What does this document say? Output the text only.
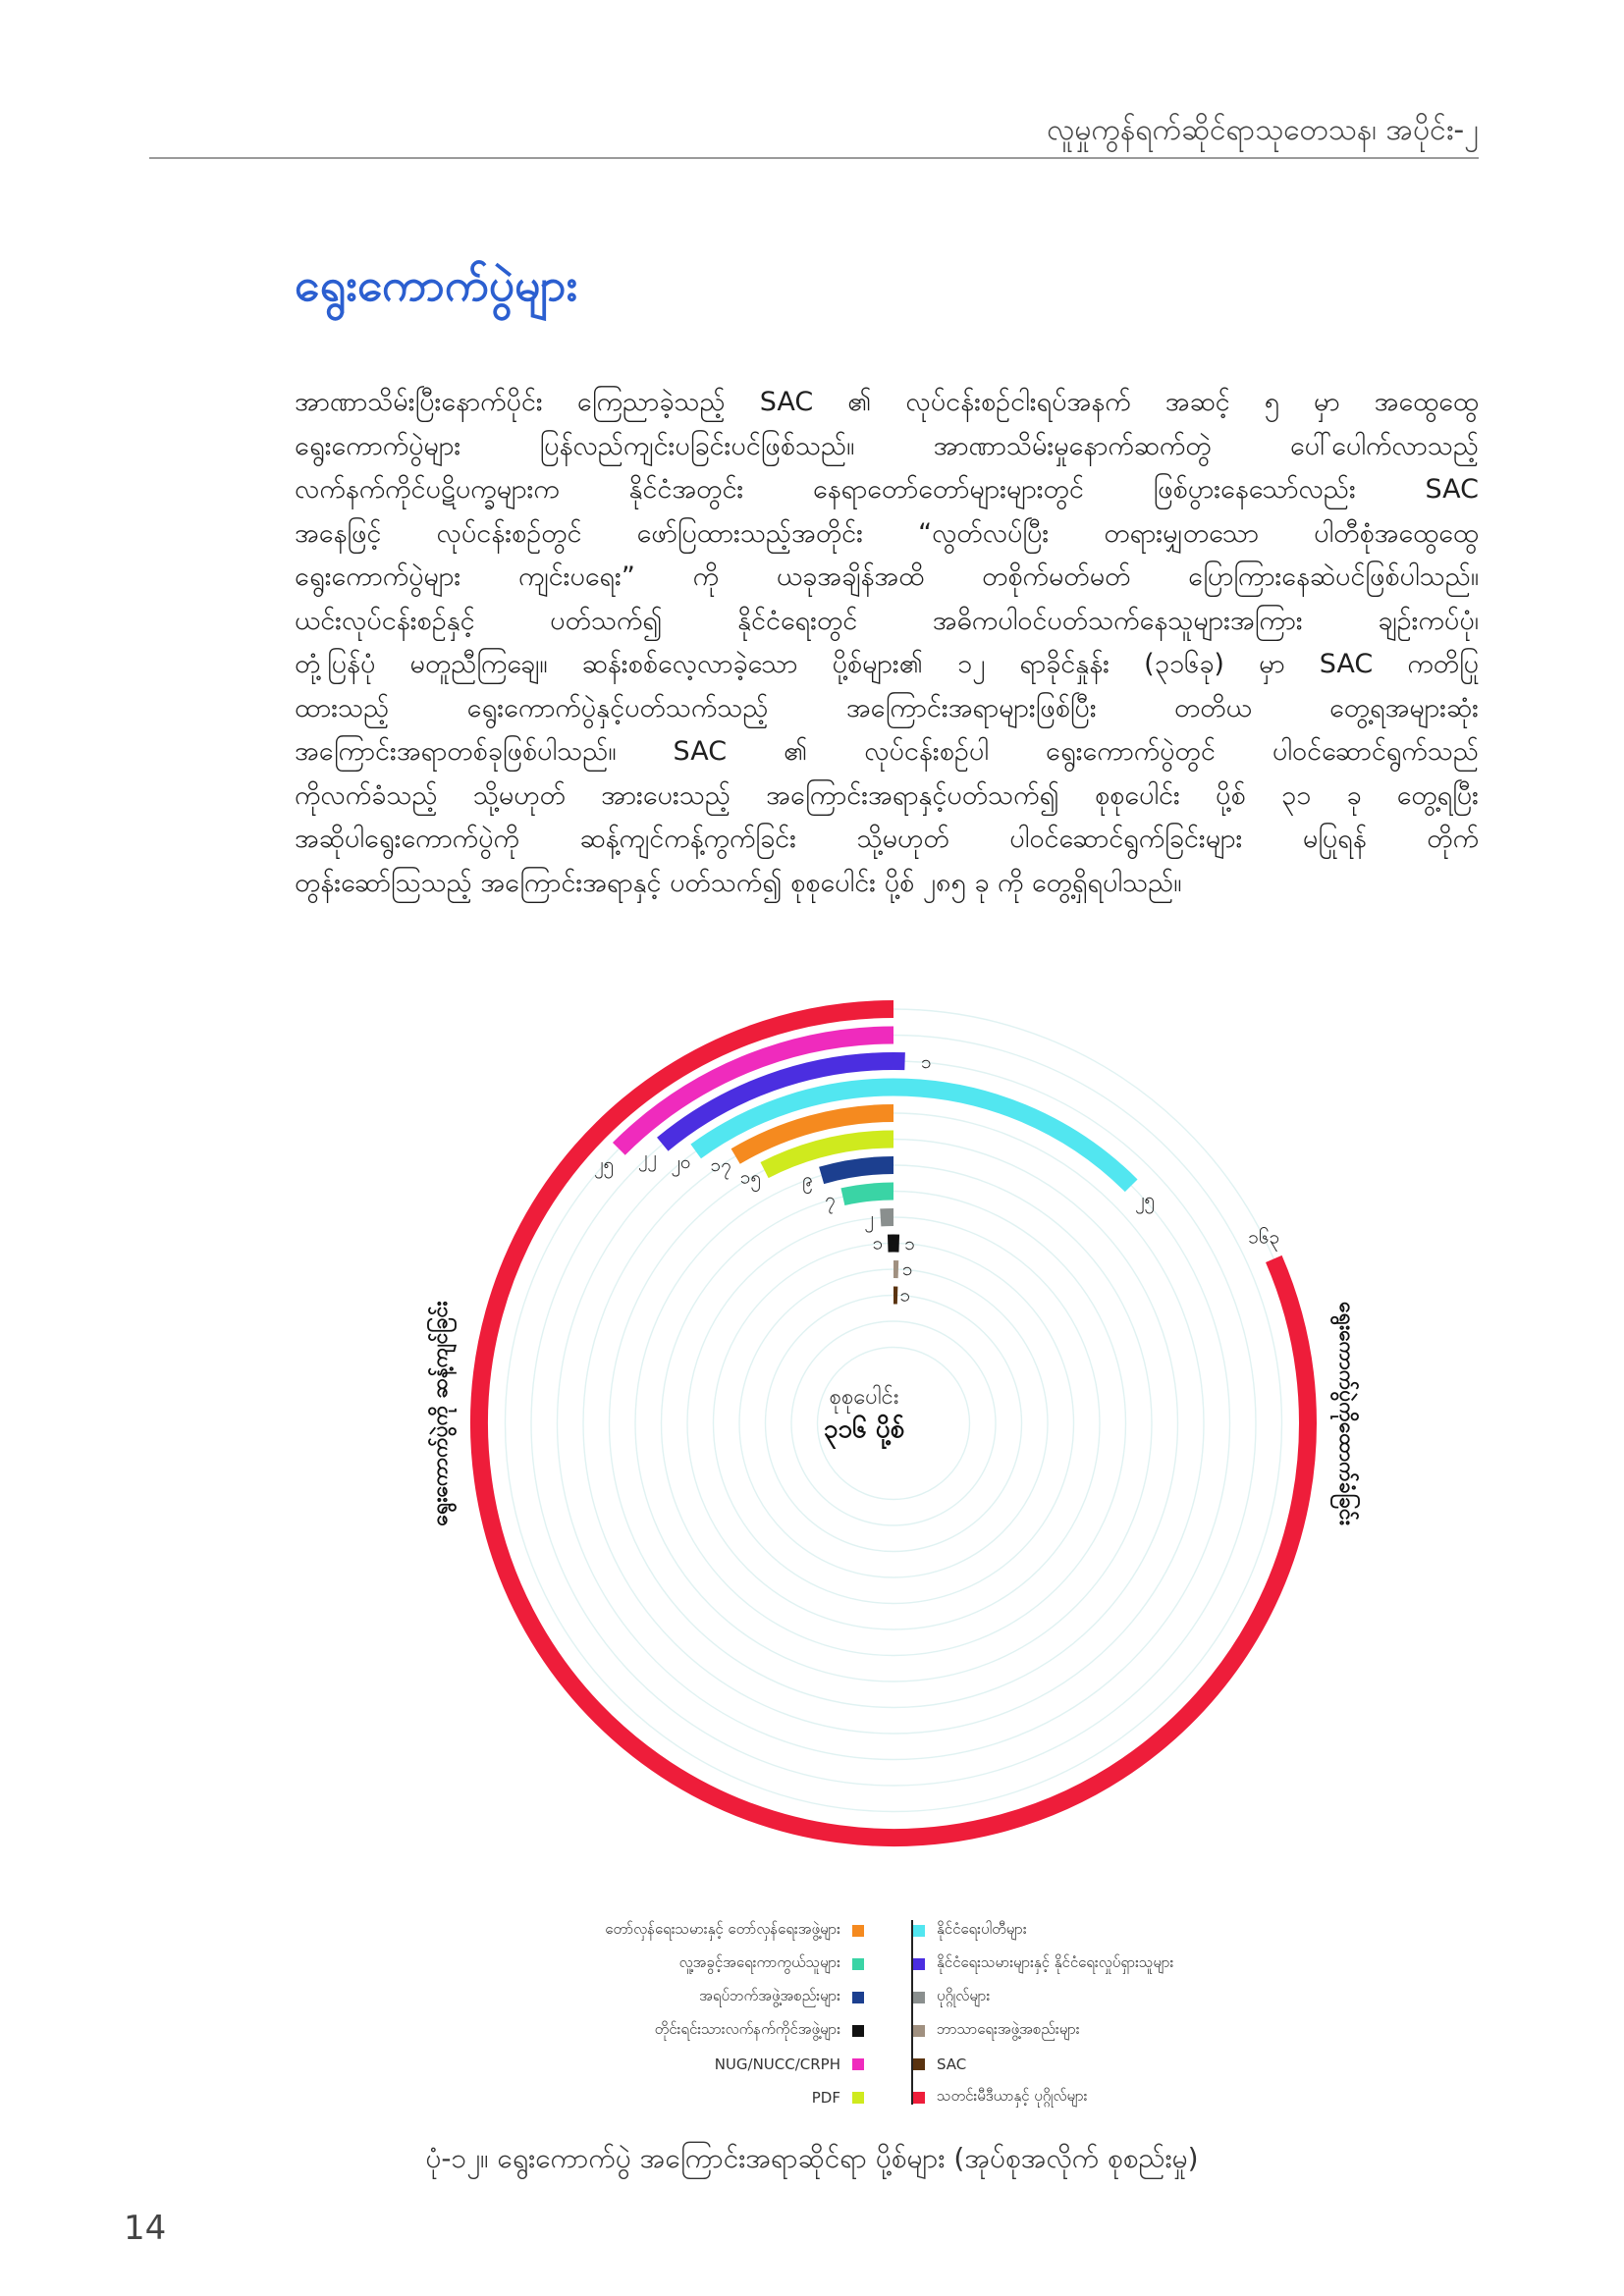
လူမှုကွန်ရက်ဆိုင်ရာသုတေသန၊ အပိုင်း-၂
ရွေးကောက်ပွဲများ

အာဏာသိမ်းပြီးနောက်ပိုင်း ကြေညာခဲ့သည့် SAC ၏ လုပ်ငန်းစဉ်ငါးရပ်အနက် အဆင့် ၅ မှာ အထွေထွေ

ရွေးကောက်ပွဲများ ပြန်လည်ကျင်းပခြင်းပင်ဖြစ်သည်။ အာဏာသိမ်းမှုနောက်ဆက်တွဲ ပေါ်ပေါက်လာသည့်

လက်နက်ကိုင်ပဋိပက္ခများက နိုင်ငံအတွင်း နေရာတော်တော်များများတွင် ဖြစ်ပွားနေသော်လည်း SAC

အနေဖြင့် လုပ်ငန်းစဉ်တွင် ဖော်ပြထားသည့်အတိုင်း “လွတ်လပ်ပြီး တရားမျှတသော ပါတီစုံအထွေထွေ

ရွေးကောက်ပွဲများ ကျင်းပရေး” ကို ယခုအချိန်အထိ တစိုက်မတ်မတ် ပြောကြားနေဆဲပင်ဖြစ်ပါသည်။

ယင်းလုပ်ငန်းစဉ်နှင့် ပတ်သက်၍ နိုင်ငံရေးတွင် အဓိကပါဝင်ပတ်သက်နေသူများအကြား ချဉ်းကပ်ပုံ၊

တုံ့ပြန်ပုံ မတူညီကြချေ။ ဆန်းစစ်လေ့လာခဲ့သော ပို့စ်များ၏ ၁၂ ရာခိုင်နှုန်း (၃၁၆ခု) မှာ SAC ကတိပြု

ထားသည့် ရွေးကောက်ပွဲနှင့်ပတ်သက်သည့် အကြောင်းအရာများဖြစ်ပြီး တတိယ တွေ့ရအများဆုံး

အကြောင်းအရာတစ်ခုဖြစ်ပါသည်။ SAC ၏ လုပ်ငန်းစဉ်ပါ ရွေးကောက်ပွဲတွင် ပါဝင်ဆောင်ရွက်သည်

ကိုလက်ခံသည့် သို့မဟုတ် အားပေးသည့် အကြောင်းအရာနှင့်ပတ်သက်၍ စုစုပေါင်း ပို့စ် ၃၁ ခု တွေ့ရပြီး

အဆိုပါရွေးကောက်ပွဲကို ဆန့်ကျင်ကန့်ကွက်ခြင်း သို့မဟုတ် ပါဝင်ဆောင်ရွက်ခြင်းများ မပြုရန် တိုက်

တွန်းဆော်သြသည့် အကြောင်းအရာနှင့် ပတ်သက်၍ စုစုပေါင်း ပို့စ် ၂၈၅ ခု ကို တွေ့ရှိရပါသည်။

၁၆၃
၂၅ ၂၂
၁
၂၀
၂၅
၁၇
၁၅ ၉
၇
၂
၁ ၁
၁
၁
စုစုပေါင်း
၃၁၆ ပို့စ်
ရွေးကောက်ပွဲကို ဆန့်ကျင်ခြင်း	ရွေးကောက်ပွဲကိုထောက်ခံခြင်း
တော်လှန်ရေးသမားနှင့် တော်လှန်ရေးအဖွဲ့များ
လူ့အခွင့်အရေးကာကွယ်သူများ
အရပ်ဘက်အဖွဲ့အစည်းများ
တိုင်းရင်းသားလက်နက်ကိုင်အဖွဲ့များ
NUG/NUCC/CRPH
PDF
နိုင်ငံရေးပါတီများ
နိုင်ငံရေးသမားများနှင့် နိုင်ငံရေးလှုပ်ရှားသူများ
ပုဂ္ဂိုလ်များ
ဘာသာရေးအဖွဲ့အစည်းများ
SAC
သတင်းမီဒီယာနှင့် ပုဂ္ဂိုလ်များ
ပုံ-၁၂။ ရွေးကောက်ပွဲ အကြောင်းအရာဆိုင်ရာ ပို့စ်များ (အုပ်စုအလိုက် စုစည်းမှု)
14
